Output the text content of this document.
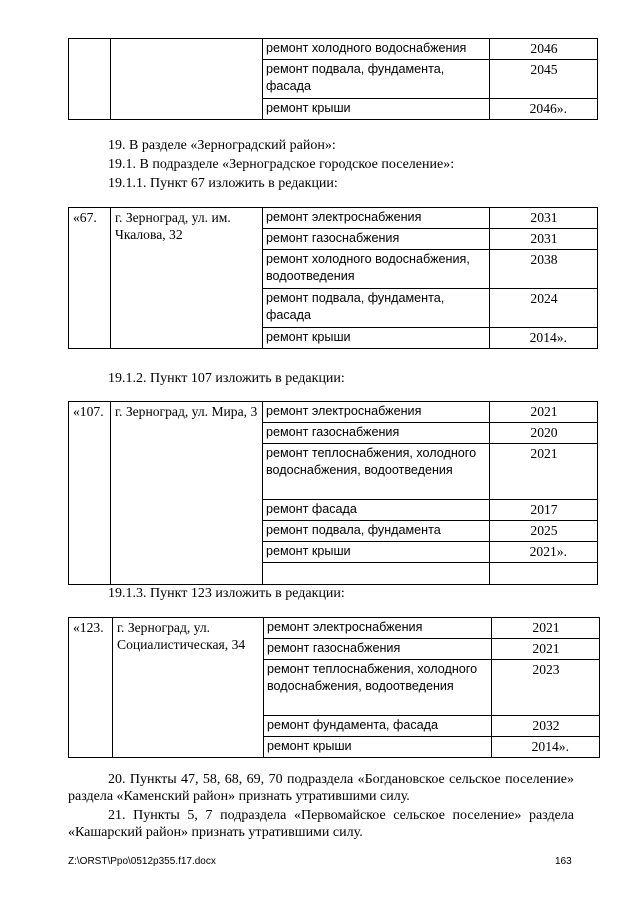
		ремонт холодного водоснабжения	2046
		ремонт подвала, фундамента, фасада	2045
		ремонт крыши	2046».
19. В разделе «Зерноградский район»:
19.1. В подразделе «Зерноградское городское поселение»:
19.1.1. Пункт 67 изложить в редакции:
«67.	г. Зерноград, ул. им. Чкалова, 32	ремонт электроснабжения	2031
		ремонт газоснабжения	2031
		ремонт холодного водоснабжения, водоотведения	2038
		ремонт подвала, фундамента, фасада	2024
		ремонт крыши	2014».
19.1.2. Пункт 107 изложить в редакции:
«107.	г. Зерноград, ул. Мира, 3	ремонт электроснабжения	2021
		ремонт газоснабжения	2020
		ремонт теплоснабжения, холодного водоснабжения, водоотведения	2021
		ремонт фасада	2017
		ремонт подвала, фундамента	2025
		ремонт крыши	2021».

19.1.3. Пункт 123 изложить в редакции:
«123.	г. Зерноград, ул. Социалистическая, 34	ремонт электроснабжения	2021
		ремонт газоснабжения	2021
		ремонт теплоснабжения, холодного водоснабжения, водоотведения	2023
		ремонт фундамента, фасада	2032
		ремонт крыши	2014».
20. Пункты 47, 58, 68, 69, 70 подраздела «Богдановское сельское поселение» раздела «Каменский район» признать утратившими силу.
21. Пункты 5, 7 подраздела «Первомайское сельское поселение» раздела «Кашарский район» признать утратившими силу.
Z:\ORST\Ppo\0512p355.f17.docx	163
